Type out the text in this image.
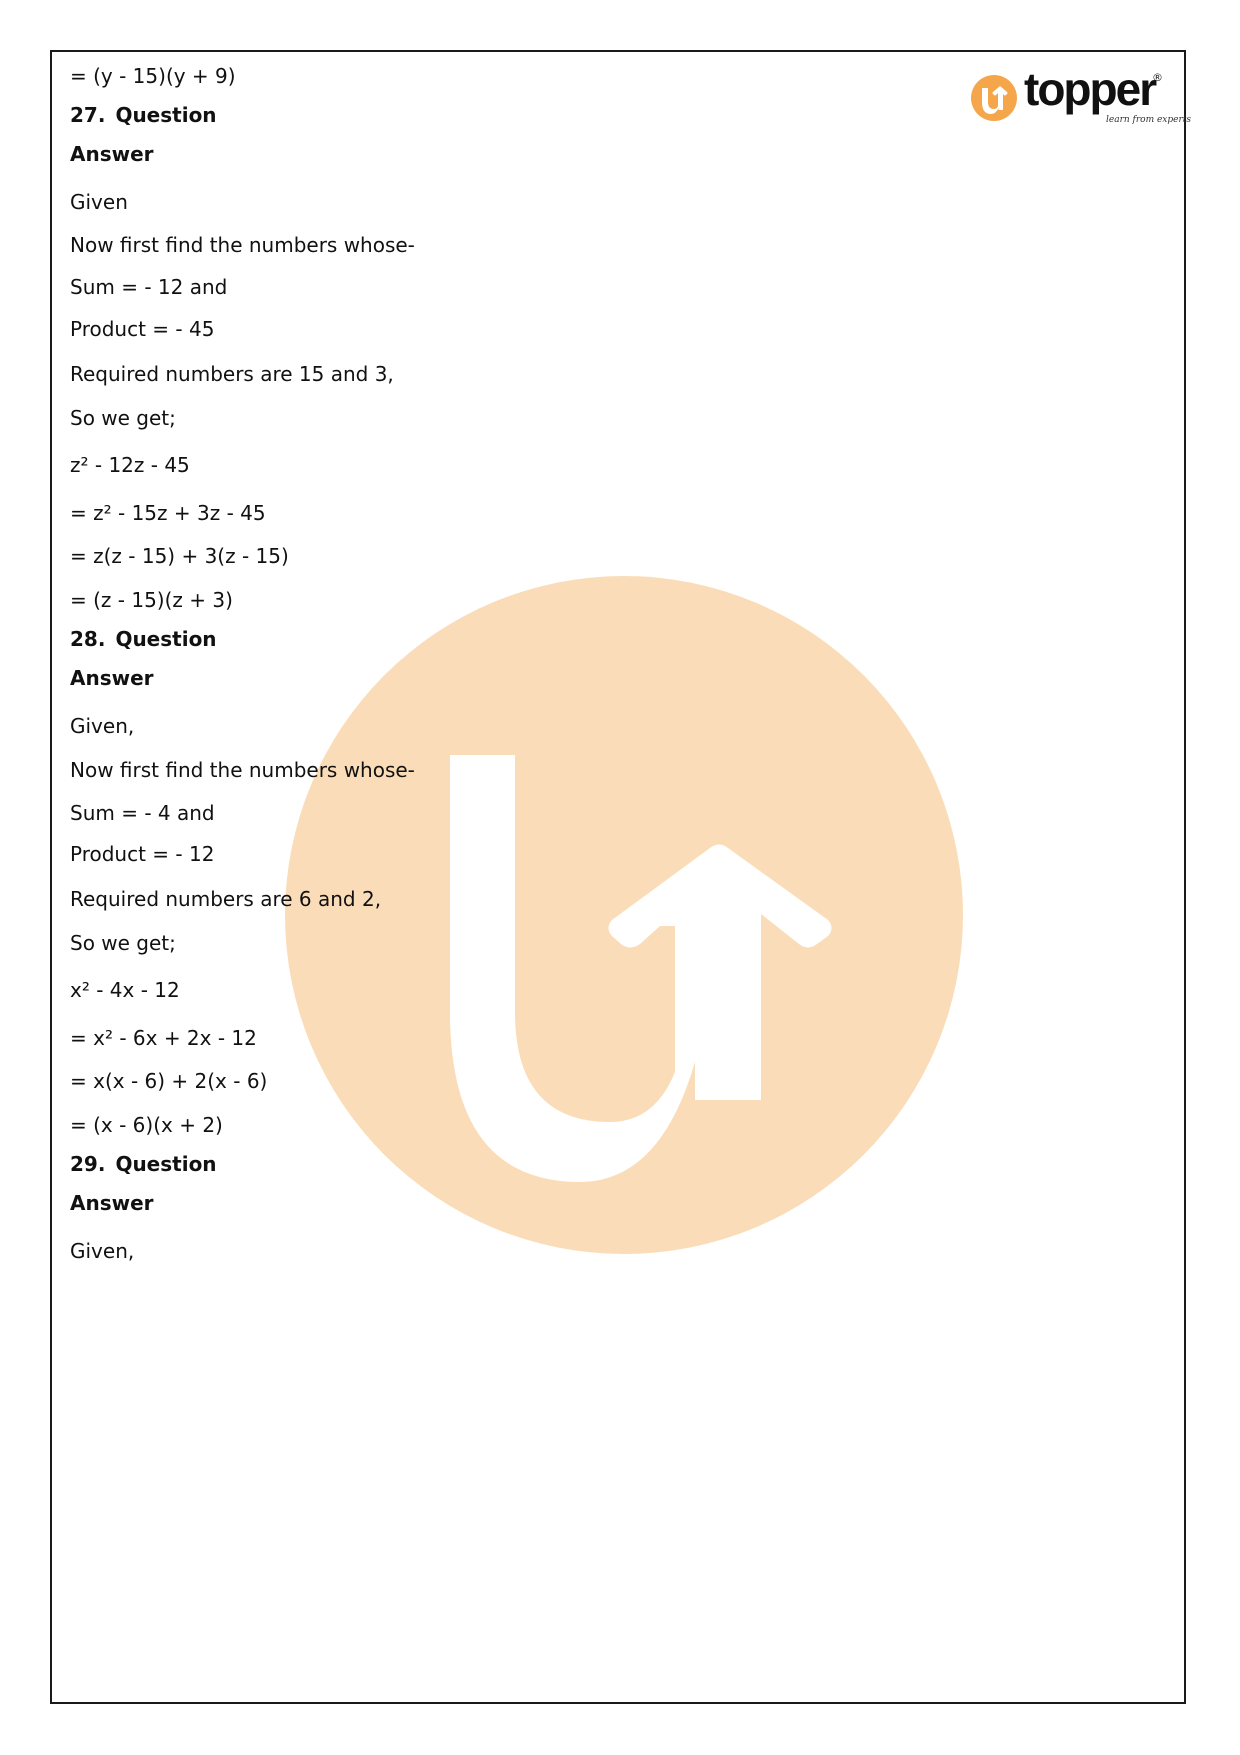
topper
®
learn from experts
= (y - 15)(y + 9)
27. Question
Answer
Given
Now first find the numbers whose-
Sum = - 12 and
Product = - 45
Required numbers are 15 and 3,
So we get;
z² - 12z - 45
= z² - 15z + 3z - 45
= z(z - 15) + 3(z - 15)
= (z - 15)(z + 3)
28. Question
Answer
Given,
Now first find the numbers whose-
Sum = - 4 and
Product = - 12
Required numbers are 6 and 2,
So we get;
x² - 4x - 12
= x² - 6x + 2x - 12
= x(x - 6) + 2(x - 6)
= (x - 6)(x + 2)
29. Question
Answer
Given,
